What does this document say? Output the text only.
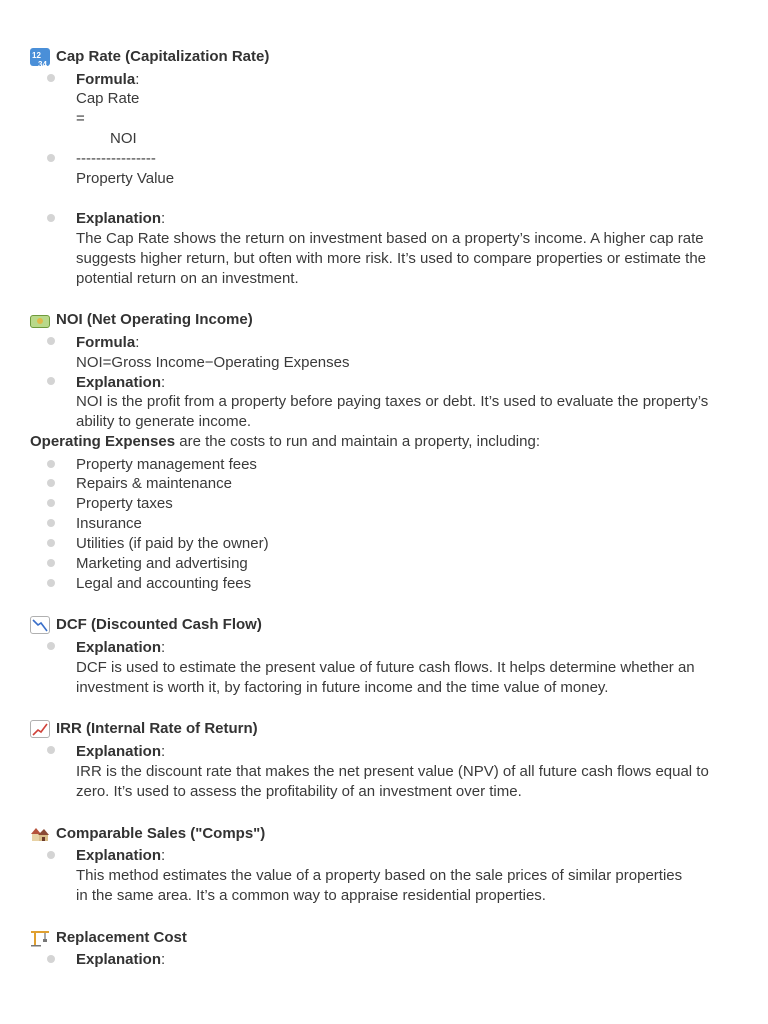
12 34
Cap Rate (Capitalization Rate)
Formula:
Cap Rate
=
NOI
----------------
Property Value
Explanation:
The Cap Rate shows the return on investment based on a property’s income. A higher cap rate suggests higher return, but often with more risk. It’s used to compare properties or estimate the potential return on an investment.
NOI (Net Operating Income)
Formula:
NOI=Gross Income−Operating Expenses
Explanation:
NOI is the profit from a property before paying taxes or debt. It’s used to evaluate the property’s ability to generate income.
Operating Expenses are the costs to run and maintain a property, including:
Property management fees
Repairs & maintenance
Property taxes
Insurance
Utilities (if paid by the owner)
Marketing and advertising
Legal and accounting fees
DCF (Discounted Cash Flow)
Explanation:
DCF is used to estimate the present value of future cash flows. It helps determine whether an investment is worth it, by factoring in future income and the time value of money.
IRR (Internal Rate of Return)
Explanation:
IRR is the discount rate that makes the net present value (NPV) of all future cash flows equal to zero. It’s used to assess the profitability of an investment over time.
Comparable Sales ("Comps")
Explanation:
This method estimates the value of a property based on the sale prices of similar properties in the same area. It’s a common way to appraise residential properties.
Replacement Cost
Explanation:
